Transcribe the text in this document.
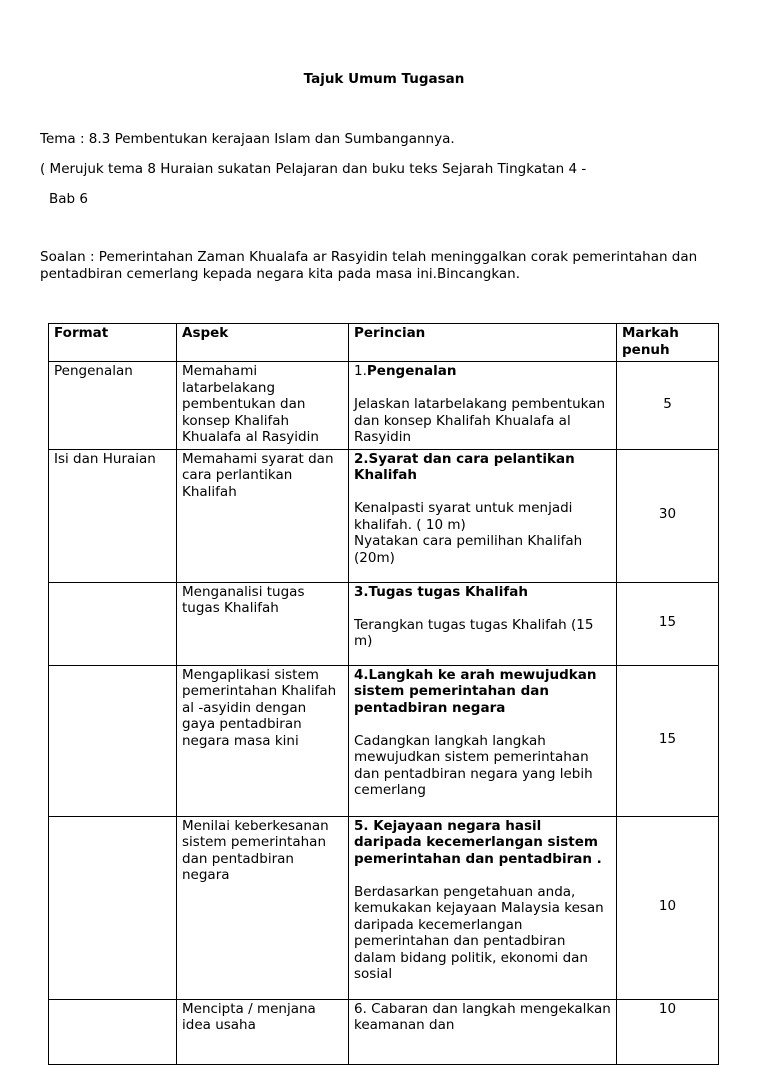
Tajuk Umum Tugasan
Tema : 8.3 Pembentukan kerajaan Islam dan Sumbangannya.
( Merujuk tema 8 Huraian sukatan Pelajaran dan buku teks Sejarah Tingkatan 4 -
Bab 6
Soalan : Pemerintahan Zaman Khualafa ar Rasyidin telah meninggalkan corak pemerintahan dan pentadbiran cemerlang kepada negara kita pada masa ini.Bincangkan.
Format	Aspek	Perincian	Markah penuh
Pengenalan	Memahami latarbelakang pembentukan dan konsep Khalifah Khualafa al Rasyidin	1.Pengenalan
Jelaskan latarbelakang pembentukan dan konsep Khalifah Khualafa al Rasyidin	5
Isi dan Huraian	Memahami syarat dan cara perlantikan Khalifah	2.Syarat dan cara pelantikan Khalifah
Kenalpasti syarat untuk menjadi khalifah. ( 10 m)
Nyatakan cara pemilihan Khalifah (20m)	30
	Menganalisi tugas tugas Khalifah	3.Tugas tugas Khalifah
Terangkan tugas tugas Khalifah (15 m)	15
	Mengaplikasi sistem pemerintahan Khalifah al -asyidin dengan gaya pentadbiran negara masa kini	4.Langkah ke arah mewujudkan sistem pemerintahan dan pentadbiran negara
Cadangkan langkah langkah mewujudkan sistem pemerintahan dan pentadbiran negara yang lebih cemerlang	15
	Menilai keberkesanan sistem pemerintahan dan pentadbiran negara	5. Kejayaan negara hasil daripada kecemerlangan sistem pemerintahan dan pentadbiran .
Berdasarkan pengetahuan anda, kemukakan kejayaan Malaysia kesan daripada kecemerlangan pemerintahan dan pentadbiran dalam bidang politik, ekonomi dan sosial	10
	Mencipta / menjana idea usaha	6. Cabaran dan langkah mengekalkan keamanan dan	10
